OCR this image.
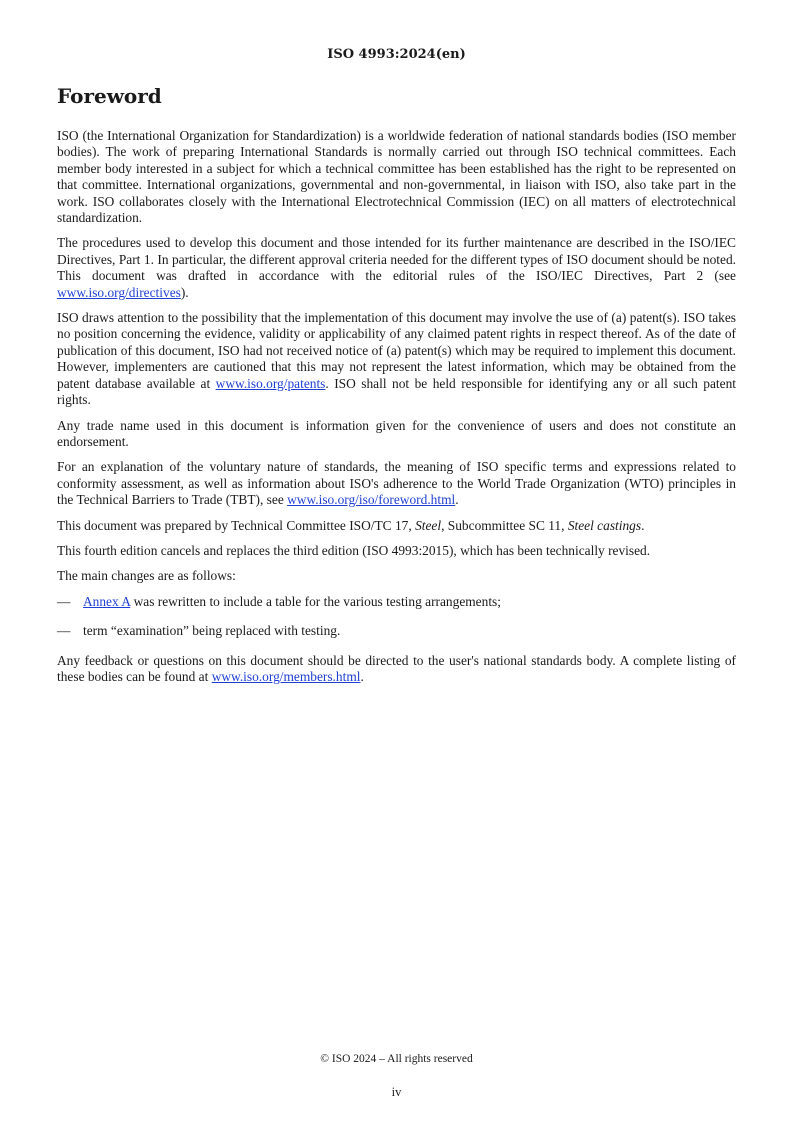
ISO 4993:2024(en)
Foreword

ISO (the International Organization for Standardization) is a worldwide federation of national standards bodies (ISO member bodies). The work of preparing International Standards is normally carried out through ISO technical committees. Each member body interested in a subject for which a technical committee has been established has the right to be represented on that committee. International organizations, governmental and non-governmental, in liaison with ISO, also take part in the work. ISO collaborates closely with the International Electrotechnical Commission (IEC) on all matters of electrotechnical standardization.

The procedures used to develop this document and those intended for its further maintenance are described in the ISO/IEC Directives, Part 1. In particular, the different approval criteria needed for the different types of ISO document should be noted. This document was drafted in accordance with the editorial rules of the ISO/IEC Directives, Part 2 (see www.iso.org/directives).

ISO draws attention to the possibility that the implementation of this document may involve the use of (a) patent(s). ISO takes no position concerning the evidence, validity or applicability of any claimed patent rights in respect thereof. As of the date of publication of this document, ISO had not received notice of (a) patent(s) which may be required to implement this document. However, implementers are cautioned that this may not represent the latest information, which may be obtained from the patent database available at www.iso.org/patents. ISO shall not be held responsible for identifying any or all such patent rights.

Any trade name used in this document is information given for the convenience of users and does not constitute an endorsement.

For an explanation of the voluntary nature of standards, the meaning of ISO specific terms and expressions related to conformity assessment, as well as information about ISO's adherence to the World Trade Organization (WTO) principles in the Technical Barriers to Trade (TBT), see www.iso.org/iso/foreword.html.

This document was prepared by Technical Committee ISO/TC 17, Steel, Subcommittee SC 11, Steel castings.

This fourth edition cancels and replaces the third edition (ISO 4993:2015), which has been technically revised.

The main changes are as follows:

— Annex A was rewritten to include a table for the various testing arrangements;
— term “examination” being replaced with testing.

Any feedback or questions on this document should be directed to the user's national standards body. A complete listing of these bodies can be found at www.iso.org/members.html.

© ISO 2024 – All rights reserved
iv
